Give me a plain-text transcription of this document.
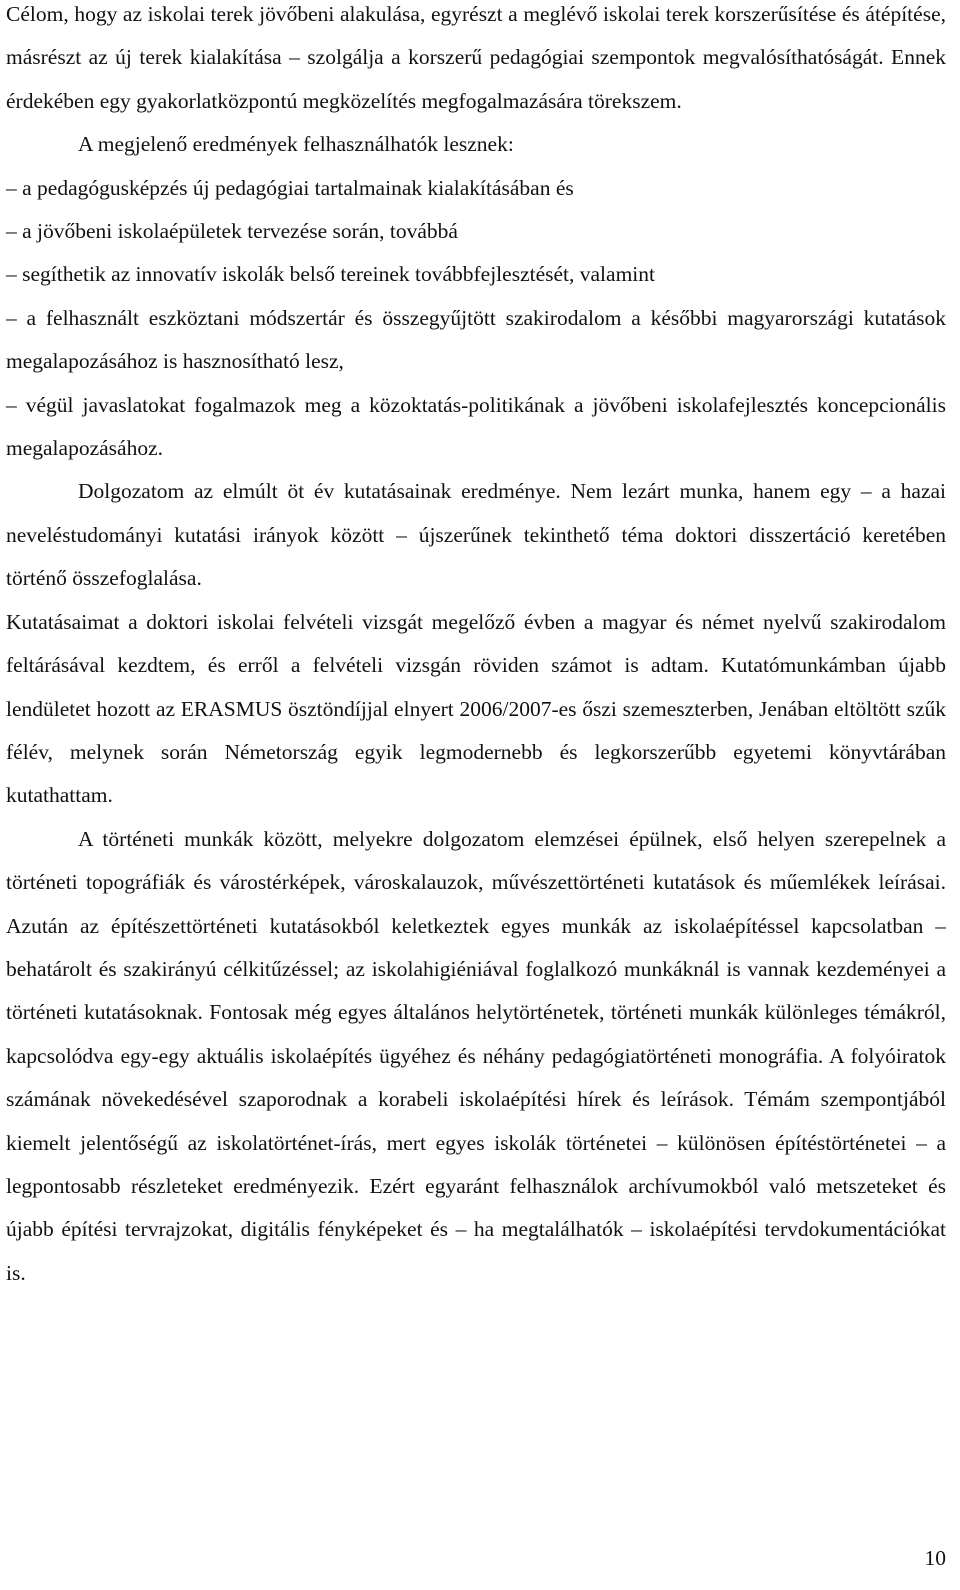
Célom, hogy az iskolai terek jövőbeni alakulása, egyrészt a meglévő iskolai terek korszerűsítése és átépítése, másrészt az új terek kialakítása – szolgálja a korszerű pedagógiai szempontok megvalósíthatóságát. Ennek érdekében egy gyakorlatközpontú megközelítés megfogalmazására törekszem.

A megjelenő eredmények felhasználhatók lesznek:

– a pedagógusképzés új pedagógiai tartalmainak kialakításában és

– a jövőbeni iskolaépületek tervezése során, továbbá

– segíthetik az innovatív iskolák belső tereinek továbbfejlesztését, valamint

– a felhasznált eszköztani módszertár és összegyűjtött szakirodalom a későbbi magyarországi kutatások megalapozásához is hasznosítható lesz,

– végül javaslatokat fogalmazok meg a közoktatás-politikának a jövőbeni iskolafejlesztés koncepcionális megalapozásához.

Dolgozatom az elmúlt öt év kutatásainak eredménye. Nem lezárt munka, hanem egy – a hazai neveléstudományi kutatási irányok között – újszerűnek tekinthető téma doktori disszertáció keretében történő összefoglalása.

Kutatásaimat a doktori iskolai felvételi vizsgát megelőző évben a magyar és német nyelvű szakirodalom feltárásával kezdtem, és erről a felvételi vizsgán röviden számot is adtam. Kutatómunkámban újabb lendületet hozott az ERASMUS ösztöndíjjal elnyert 2006/2007-es őszi szemeszterben, Jenában eltöltött szűk félév, melynek során Németország egyik legmodernebb és legkorszerűbb egyetemi könyvtárában kutathattam.

A történeti munkák között, melyekre dolgozatom elemzései épülnek, első helyen szerepelnek a történeti topográfiák és várostérképek, városkalauzok, művészettörténeti kutatások és műemlékek leírásai. Azután az építészettörténeti kutatásokból keletkeztek egyes munkák az iskolaépítéssel kapcsolatban – behatárolt és szakirányú célkitűzéssel; az iskolahigiéniával foglalkozó munkáknál is vannak kezdeményei a történeti kutatásoknak. Fontosak még egyes általános helytörténetek, történeti munkák különleges témákról, kapcsolódva egy-egy aktuális iskolaépítés ügyéhez és néhány pedagógiatörténeti monográfia. A folyóiratok számának növekedésével szaporodnak a korabeli iskolaépítési hírek és leírások. Témám szempontjából kiemelt jelentőségű az iskolatörténet-írás, mert egyes iskolák történetei – különösen építéstörténetei – a legpontosabb részleteket eredményezik. Ezért egyaránt felhasználok archívumokból való metszeteket és újabb építési tervrajzokat, digitális fényképeket és – ha megtalálhatók – iskolaépítési tervdokumentációkat is.

10
